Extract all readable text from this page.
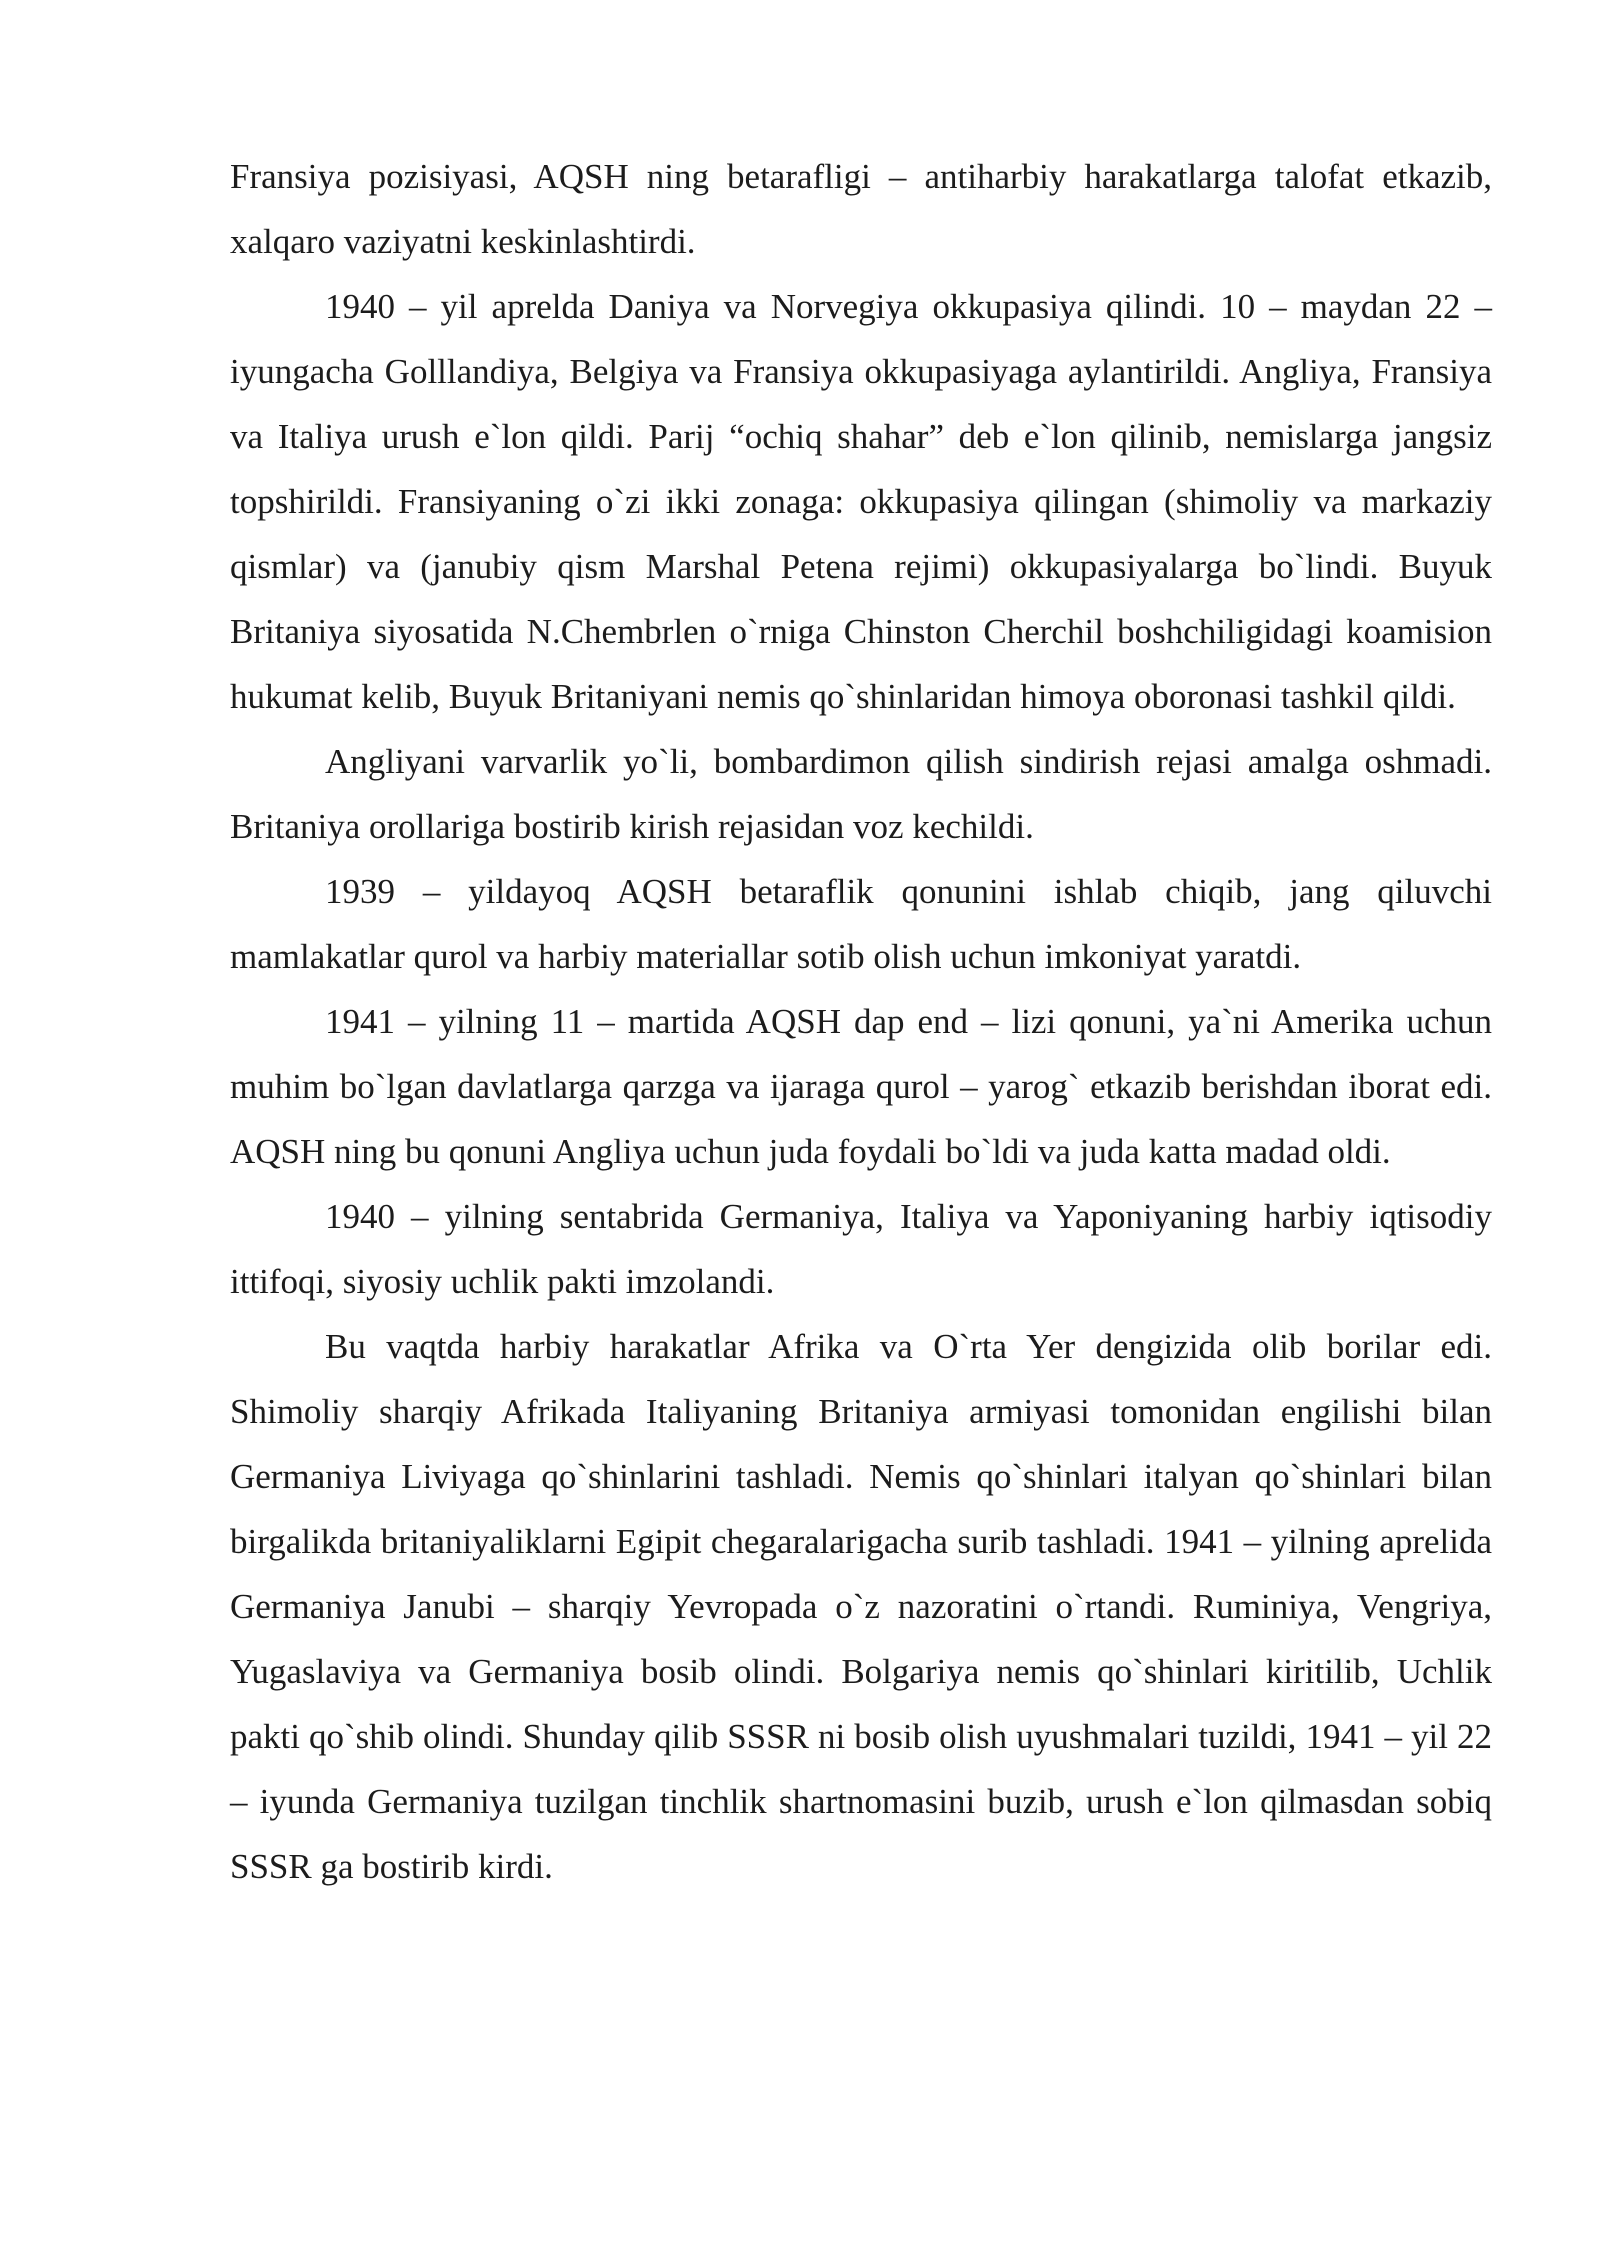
Fransiya pozisiyasi, AQSH ning betarafligi – antiharbiy harakatlarga talofat etkazib, xalqaro vaziyatni keskinlashtirdi.

1940 – yil aprelda Daniya va Norvegiya okkupasiya qilindi. 10 – maydan 22 – iyungacha Golllandiya, Belgiya va Fransiya okkupasiyaga aylantirildi. Angliya, Fransiya va Italiya urush e`lon qildi. Parij “ochiq shahar” deb e`lon qilinib, nemislarga jangsiz topshirildi. Fransiyaning o`zi ikki zonaga: okkupasiya qilingan (shimoliy va markaziy qismlar) va (janubiy qism Marshal Petena rejimi) okkupasiyalarga bo`lindi. Buyuk Britaniya siyosatida N.Chembrlen o`rniga Chinston Cherchil boshchiligidagi koamision hukumat kelib, Buyuk Britaniyani nemis qo`shinlaridan himoya oboronasi tashkil qildi.

Angliyani varvarlik yo`li, bombardimon qilish sindirish rejasi amalga oshmadi. Britaniya orollariga bostirib kirish rejasidan voz kechildi.

1939 – yildayoq AQSH betaraflik qonunini ishlab chiqib, jang qiluvchi mamlakatlar qurol va harbiy materiallar sotib olish uchun imkoniyat yaratdi.

1941 – yilning 11 – martida AQSH dap end – lizi qonuni, ya`ni Amerika uchun muhim bo`lgan davlatlarga qarzga va ijaraga qurol – yarog` etkazib berishdan iborat edi. AQSH ning bu qonuni Angliya uchun juda foydali bo`ldi va juda katta madad oldi.

1940 – yilning sentabrida Germaniya, Italiya va Yaponiyaning harbiy iqtisodiy ittifoqi, siyosiy uchlik pakti imzolandi.

Bu vaqtda harbiy harakatlar Afrika va O`rta Yer dengizida olib borilar edi. Shimoliy sharqiy Afrikada Italiyaning Britaniya armiyasi tomonidan engilishi bilan Germaniya Liviyaga qo`shinlarini tashladi. Nemis qo`shinlari italyan qo`shinlari bilan birgalikda britaniyaliklarni Egipit chegaralarigacha surib tashladi. 1941 – yilning aprelida Germaniya Janubi – sharqiy Yevropada o`z nazoratini o`rtandi. Ruminiya, Vengriya, Yugaslaviya va Germaniya bosib olindi. Bolgariya nemis qo`shinlari kiritilib, Uchlik pakti qo`shib olindi. Shunday qilib SSSR ni bosib olish uyushmalari tuzildi, 1941 – yil 22 – iyunda Germaniya tuzilgan tinchlik shartnomasini buzib, urush e`lon qilmasdan sobiq SSSR ga bostirib kirdi.
